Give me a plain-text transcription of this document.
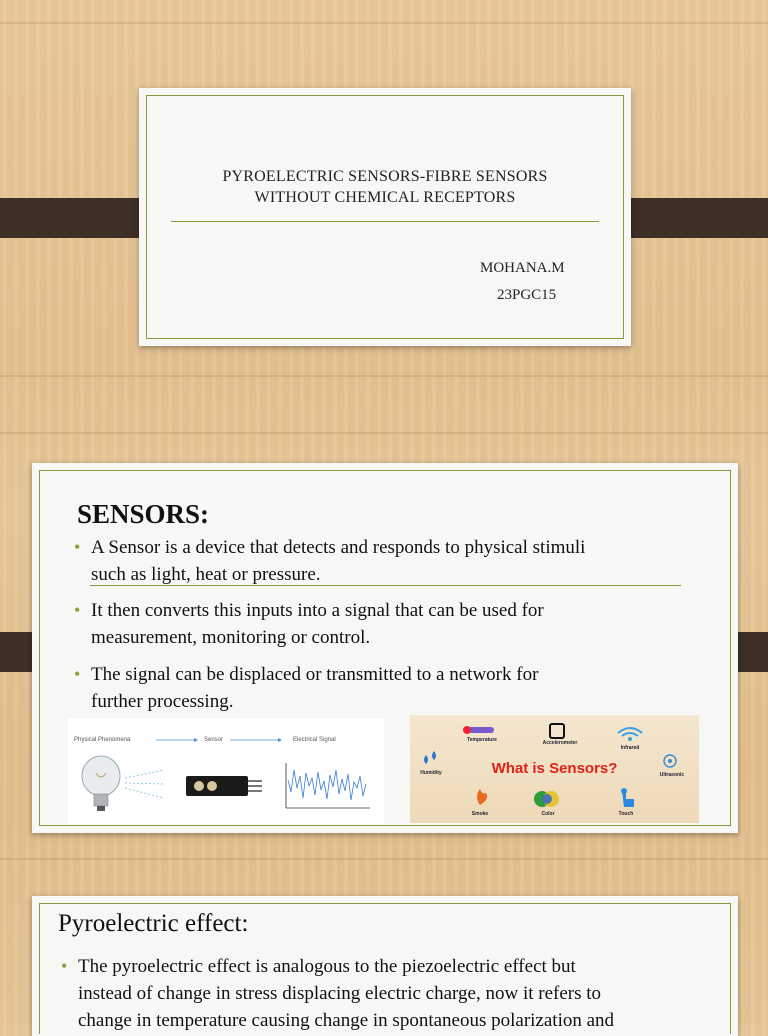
PYROELECTRIC SENSORS-FIBRE SENSORS
WITHOUT CHEMICAL RECEPTORS
MOHANA.M
23PGC15
SENSORS:
• A Sensor is a device that detects and responds to physical stimuli
such as light, heat or pressure.
• It then converts this inputs into a signal that can be used for
measurement, monitoring or control.
• The signal can be displaced or transmitted to a network for
further processing.
Physical Phenomena	Sensor	Electrical Signal
What is Sensors?
Temperature	Accelerometer
Infrared
Humidity	Ultrasonic
Smoke	Color	Touch
Pyroelectric effect:
• The pyroelectric effect is analogous to the piezoelectric effect but
instead of change in stress displacing electric charge, now it refers to
change in temperature causing change in spontaneous polarization and
